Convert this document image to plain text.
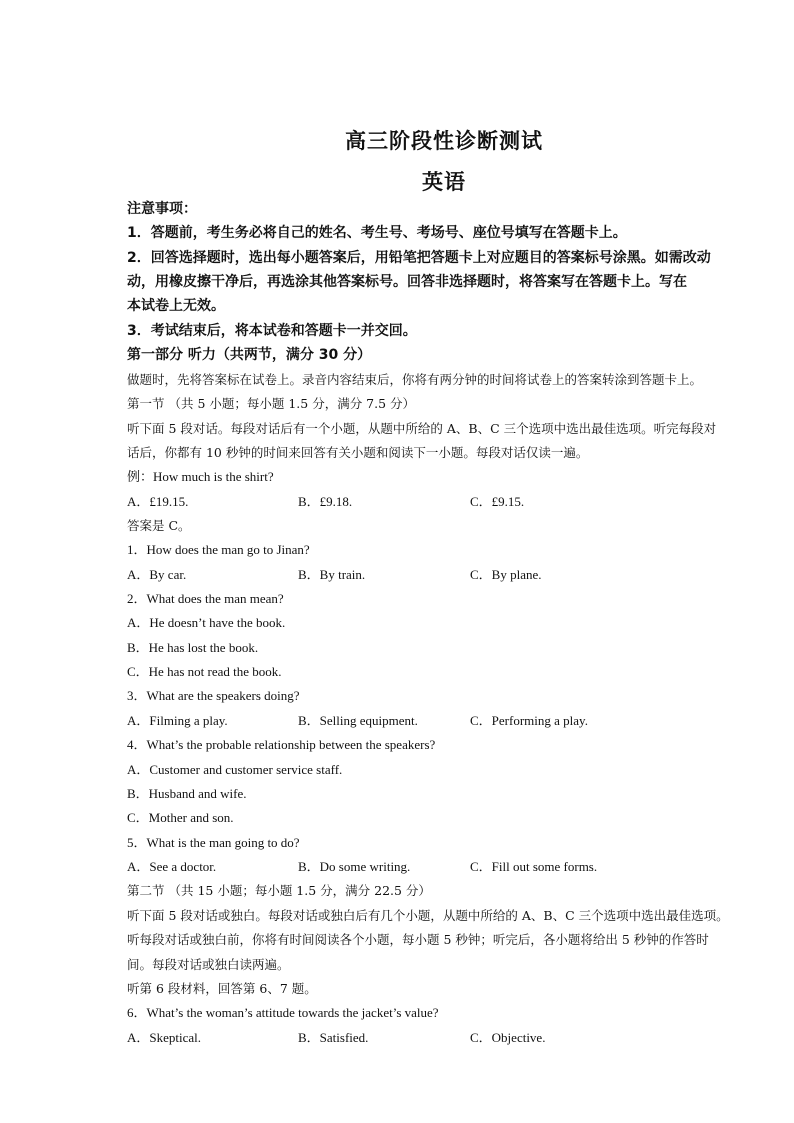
高三阶段性诊断测试
英语
注意事项：
1．答题前，考生务必将自己的姓名、考生号、考场号、座位号填写在答题卡上。
2．回答选择题时，选出每小题答案后，用铅笔把答题卡上对应题目的答案标号涂黑。如需改动
动，用橡皮擦干净后，再选涂其他答案标号。回答非选择题时，将答案写在答题卡上。写在
本试卷上无效。
3．考试结束后，将本试卷和答题卡一并交回。
第一部分 听力（共两节，满分 30 分）
做题时，先将答案标在试卷上。录音内容结束后，你将有两分钟的时间将试卷上的答案转涂到答题卡上。
第一节 （共 5 小题；每小题 1.5 分，满分 7.5 分）
听下面 5 段对话。每段对话后有一个小题，从题中所给的 A、B、C 三个选项中选出最佳选项。听完每段对
话后，你都有 10 秒钟的时间来回答有关小题和阅读下一小题。每段对话仅读一遍。
例：How much is the shirt?
A．£19.15.	B．£9.18.	C．£9.15.
答案是 C。
1．How does the man go to Jinan?
A．By car.	B．By train.	C．By plane.
2．What does the man mean?
A．He doesn’t have the book.
B．He has lost the book.
C．He has not read the book.
3．What are the speakers doing?
A．Filming a play.	B．Selling equipment.	C．Performing a play.
4．What’s the probable relationship between the speakers?
A．Customer and customer service staff.
B．Husband and wife.
C．Mother and son.
5．What is the man going to do?
A．See a doctor.	B．Do some writing.	C．Fill out some forms.
第二节 （共 15 小题；每小题 1.5 分，满分 22.5 分）
听下面 5 段对话或独白。每段对话或独白后有几个小题，从题中所给的 A、B、C 三个选项中选出最佳选项。
听每段对话或独白前，你将有时间阅读各个小题，每小题 5 秒钟；听完后，各小题将给出 5 秒钟的作答时
间。每段对话或独白读两遍。
听第 6 段材料，回答第 6、7 题。
6．What’s the woman’s attitude towards the jacket’s value?
A．Skeptical.	B．Satisfied.	C．Objective.
